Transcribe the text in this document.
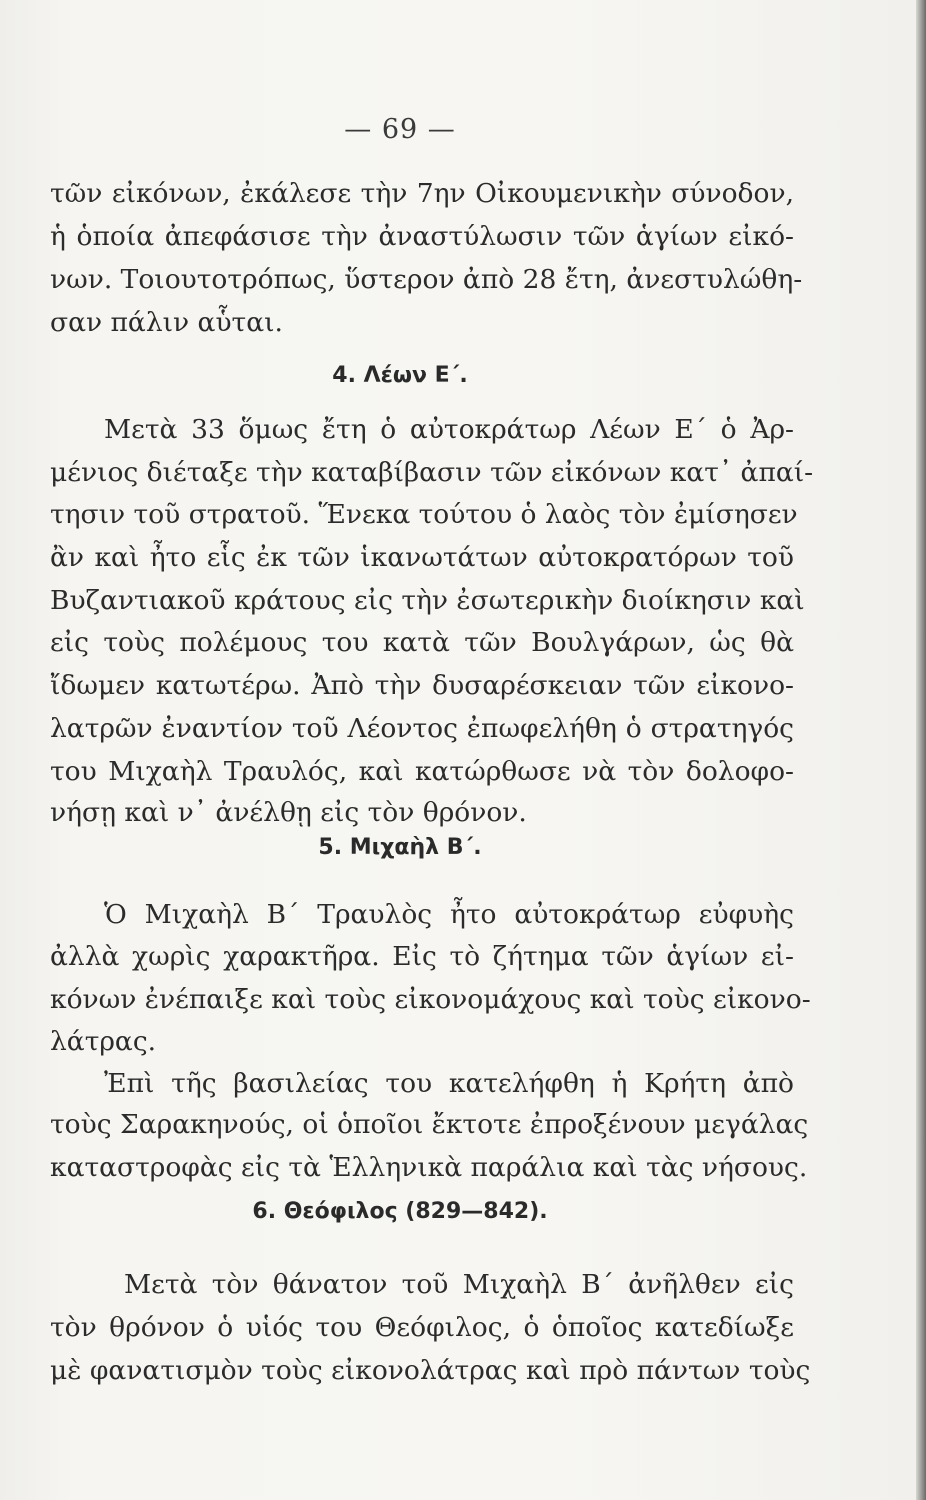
— 69 —
τῶν εἰκόνων, ἐκάλεσε τὴν 7ην Οἰκουμενικὴν σύνοδον,
ἡ ὁποία ἀπεφάσισε τὴν ἀναστύλωσιν τῶν ἁγίων εἰκό-
νων. Τοιουτοτρόπως, ὕστερον ἀπὸ 28 ἔτη, ἀνεστυλώθη-
σαν πάλιν αὗται.
4. Λέων Ε΄.
Μετὰ 33 ὅμως ἔτη ὁ αὐτοκράτωρ Λέων Ε΄ ὁ Ἀρ-
μένιος διέταξε τὴν καταβίβασιν τῶν εἰκόνων κατ᾿ ἀπαί-
τησιν τοῦ στρατοῦ. Ἕνεκα τούτου ὁ λαὸς τὸν ἐμίσησεν
ἂν καὶ ἦτο εἷς ἐκ τῶν ἱκανωτάτων αὐτοκρατόρων τοῦ
Βυζαντιακοῦ κράτους εἰς τὴν ἐσωτερικὴν διοίκησιν καὶ
εἰς τοὺς πολέμους του κατὰ τῶν Βουλγάρων, ὡς θὰ
ἴδωμεν κατωτέρω. Ἀπὸ τὴν δυσαρέσκειαν τῶν εἰκονο-
λατρῶν ἐναντίον τοῦ Λέοντος ἐπωφελήθη ὁ στρατηγός
του Μιχαὴλ Τραυλός, καὶ κατώρθωσε νὰ τὸν δολοφο-
νήσῃ καὶ ν᾿ ἀνέλθῃ εἰς τὸν θρόνον.
5. Μιχαὴλ Β΄.
Ὁ Μιχαὴλ Β΄ Τραυλὸς ἦτο αὐτοκράτωρ εὐφυὴς
ἀλλὰ χωρὶς χαρακτῆρα. Εἰς τὸ ζήτημα τῶν ἁγίων εἰ-
κόνων ἐνέπαιξε καὶ τοὺς εἰκονομάχους καὶ τοὺς εἰκονο-
λάτρας.
Ἐπὶ τῆς βασιλείας του κατελήφθη ἡ Κρήτη ἀπὸ
τοὺς Σαρακηνούς, οἱ ὁποῖοι ἔκτοτε ἐπροξένουν μεγάλας
καταστροφὰς εἰς τὰ Ἑλληνικὰ παράλια καὶ τὰς νήσους.
6. Θεόφιλος (829—842).
Μετὰ τὸν θάνατον τοῦ Μιχαὴλ Β΄ ἀνῆλθεν εἰς
τὸν θρόνον ὁ υἱός του Θεόφιλος, ὁ ὁποῖος κατεδίωξε
μὲ φανατισμὸν τοὺς εἰκονολάτρας καὶ πρὸ πάντων τοὺς
